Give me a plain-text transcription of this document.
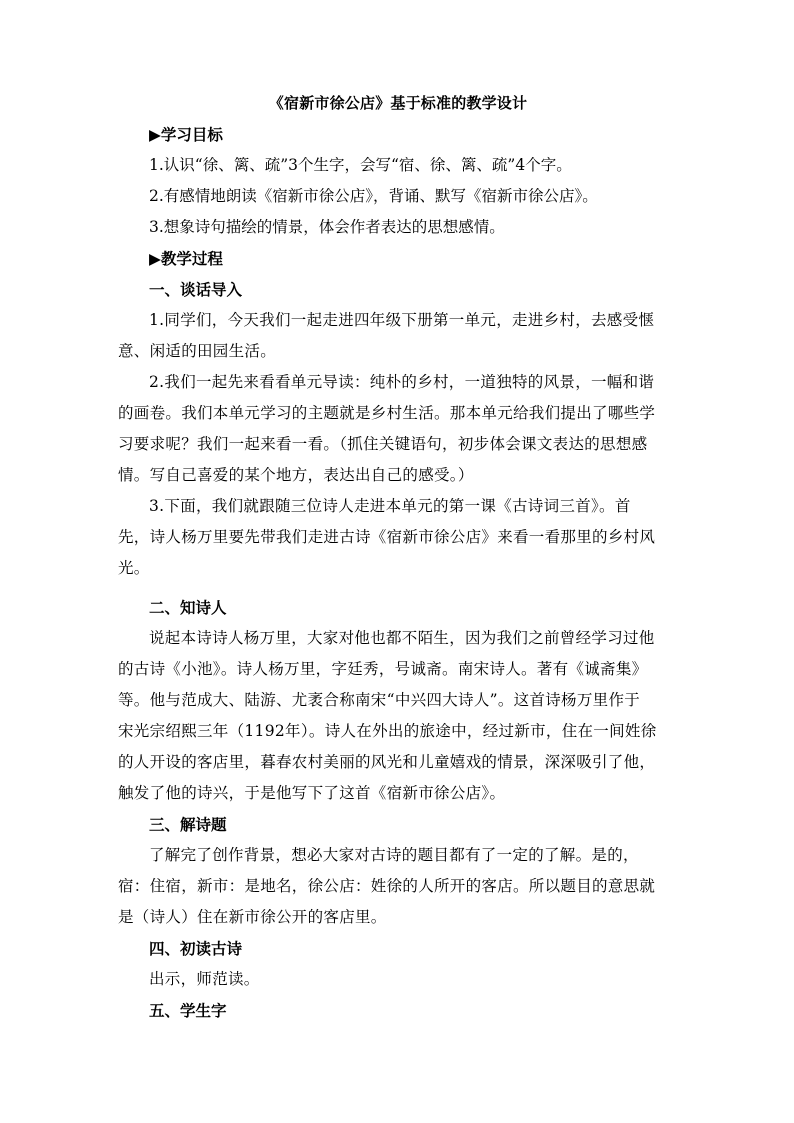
《宿新市徐公店》基于标准的教学设计

▶学习目标

1.认识“徐、篱、疏”3个生字，会写“宿、徐、篱、疏”4个字。

2.有感情地朗读《宿新市徐公店》，背诵、默写《宿新市徐公店》。

3.想象诗句描绘的情景，体会作者表达的思想感情。

▶教学过程

一、谈话导入

1.同学们，今天我们一起走进四年级下册第一单元，走进乡村，去感受惬
意、闲适的田园生活。

2.我们一起先来看看单元导读：纯朴的乡村，一道独特的风景，一幅和谐
的画卷。我们本单元学习的主题就是乡村生活。那本单元给我们提出了哪些学
习要求呢？我们一起来看一看。（抓住关键语句，初步体会课文表达的思想感
情。写自己喜爱的某个地方，表达出自己的感受。）

3.下面，我们就跟随三位诗人走进本单元的第一课《古诗词三首》。首
先，诗人杨万里要先带我们走进古诗《宿新市徐公店》来看一看那里的乡村风
光。

二、知诗人

说起本诗诗人杨万里，大家对他也都不陌生，因为我们之前曾经学习过他
的古诗《小池》。诗人杨万里，字廷秀，号诚斋。南宋诗人。著有《诚斋集》
等。他与范成大、陆游、尤袤合称南宋“中兴四大诗人”。这首诗杨万里作于
宋光宗绍熙三年（1192年）。诗人在外出的旅途中，经过新市，住在一间姓徐
的人开设的客店里，暮春农村美丽的风光和儿童嬉戏的情景，深深吸引了他，
触发了他的诗兴，于是他写下了这首《宿新市徐公店》。

三、解诗题

了解完了创作背景，想必大家对古诗的题目都有了一定的了解。是的，
宿：住宿，新市：是地名，徐公店：姓徐的人所开的客店。所以题目的意思就
是（诗人）住在新市徐公开的客店里。

四、初读古诗

出示，师范读。

五、学生字
